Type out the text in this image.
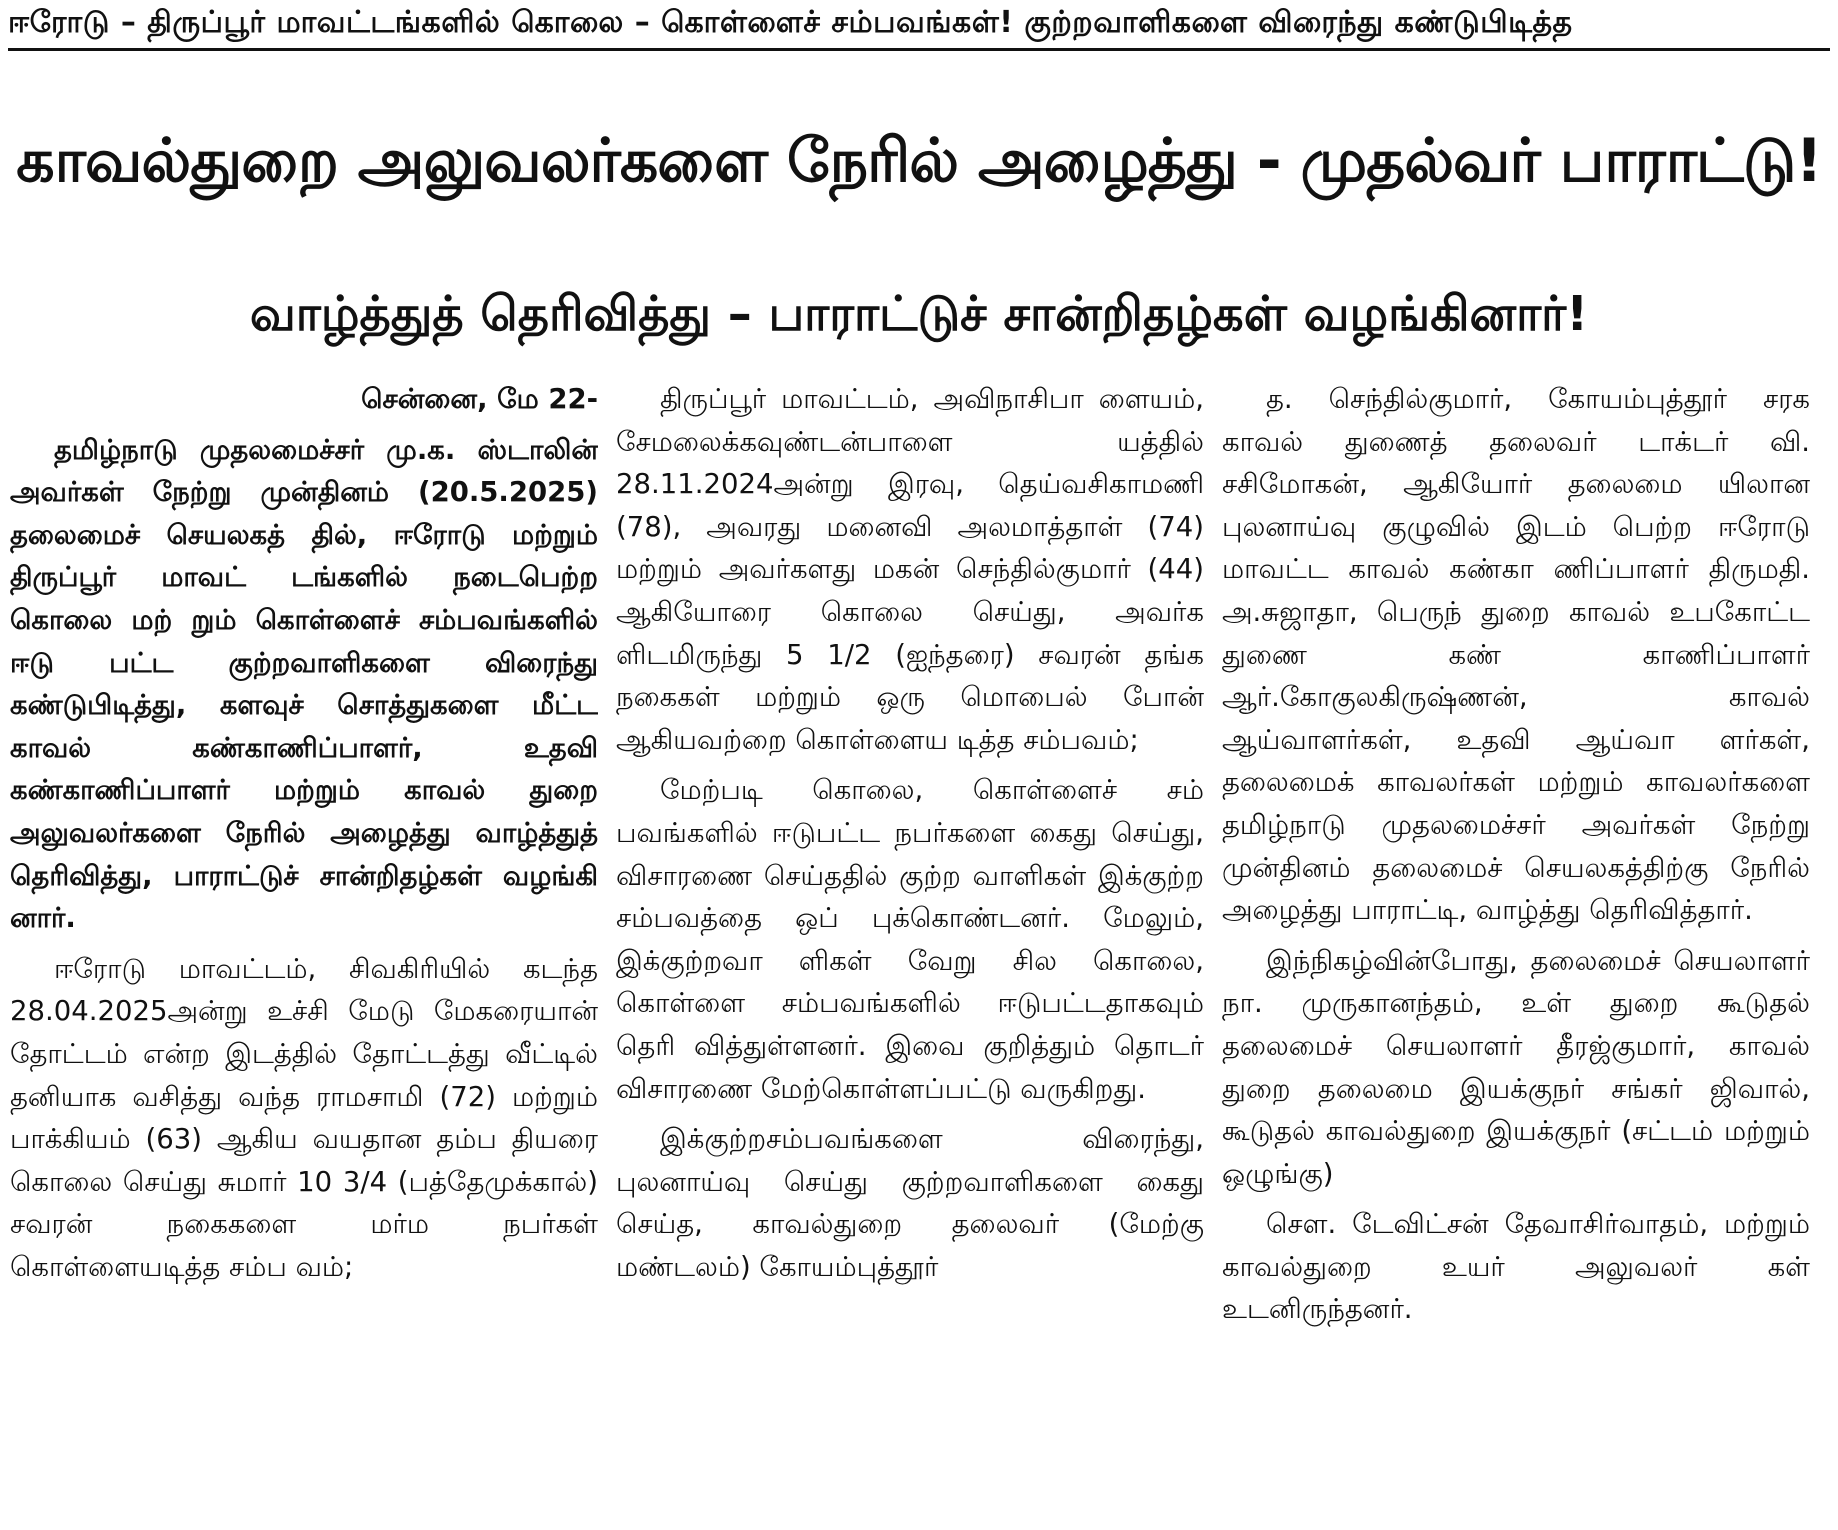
ஈரோடு – திருப்பூர் மாவட்டங்களில் கொலை – கொள்ளைச் சம்பவங்கள்! குற்றவாளிகளை விரைந்து கண்டுபிடித்த
காவல்துறை அலுவலர்களை நேரில் அழைத்து - முதல்வர் பாராட்டு!
வாழ்த்துத் தெரிவித்து – பாராட்டுச் சான்றிதழ்கள் வழங்கினார்!

சென்னை, மே 22-

தமிழ்நாடு முதலமைச்சர் மு.க. ஸ்டாலின் அவர்கள் நேற்று முன்தினம் (20.5.2025) தலைமைச் செயலகத் தில், ஈரோடு மற்றும் திருப்பூர் மாவட் டங்களில் நடைபெற்ற கொலை மற் றும் கொள்ளைச் சம்பவங்களில் ஈடு பட்ட குற்றவாளிகளை விரைந்து கண்டுபிடித்து, களவுச் சொத்துகளை மீட்ட காவல் கண்காணிப்பாளர், உதவி கண்காணிப்பாளர் மற்றும் காவல் துறை அலுவலர்களை நேரில் அழைத்து வாழ்த்துத் தெரிவித்து, பாராட்டுச் சான்றிதழ்கள் வழங்கி னார்.

ஈரோடு மாவட்டம், சிவகிரியில் கடந்த 28.04.2025அன்று உச்சி மேடு மேகரையான் தோட்டம் என்ற இடத்தில் தோட்டத்து வீட்டில் தனியாக வசித்து வந்த ராமசாமி (72) மற்றும் பாக்கியம் (63) ஆகிய வயதான தம்ப தியரை கொலை செய்து சுமார் 10 3/4 (பத்தேமுக்கால்) சவரன் நகைகளை மர்ம நபர்கள் கொள்ளையடித்த சம்ப வம்;

திருப்பூர் மாவட்டம், அவிநாசிபா ளையம், சேமலைக்கவுண்டன்பாளை யத்தில் 28.11.2024அன்று இரவு, தெய்வசிகாமணி (78), அவரது மனைவி அலமாத்தாள் (74) மற்றும் அவர்களது மகன் செந்தில்குமார் (44) ஆகியோரை கொலை செய்து, அவர்க ளிடமிருந்து 5 1/2 (ஐந்தரை) சவரன் தங்க நகைகள் மற்றும் ஒரு மொபைல் போன் ஆகியவற்றை கொள்ளைய டித்த சம்பவம்;

மேற்படி கொலை, கொள்ளைச் சம் பவங்களில் ஈடுபட்ட நபர்களை கைது செய்து, விசாரணை செய்ததில் குற்ற வாளிகள் இக்குற்ற சம்பவத்தை ஒப் புக்கொண்டனர். மேலும், இக்குற்றவா ளிகள் வேறு சில கொலை, கொள்ளை சம்பவங்களில் ஈடுபட்டதாகவும் தெரி வித்துள்ளனர். இவை குறித்தும் தொடர் விசாரணை மேற்கொள்ளப்பட்டு வருகிறது.

இக்குற்றசம்பவங்களை விரைந்து, புலனாய்வு செய்து குற்றவாளிகளை கைது செய்த, காவல்துறை தலைவர் (மேற்கு மண்டலம்) கோயம்புத்தூர்

த. செந்தில்குமார், கோயம்புத்தூர் சரக காவல் துணைத் தலைவர் டாக்டர் வி. சசிமோகன், ஆகியோர் தலைமை யிலான புலனாய்வு குழுவில் இடம் பெற்ற ஈரோடு மாவட்ட காவல் கண்கா ணிப்பாளர் திருமதி. அ.சுஜாதா, பெருந் துறை காவல் உபகோட்ட துணை கண் காணிப்பாளர் ஆர்.கோகுலகிருஷ்ணன், காவல் ஆய்வாளர்கள், உதவி ஆய்வா ளர்கள், தலைமைக் காவலர்கள் மற்றும் காவலர்களை தமிழ்நாடு முதலமைச்சர் அவர்கள் நேற்று முன்தினம் தலைமைச் செயலகத்திற்கு நேரில் அழைத்து பாராட்டி, வாழ்த்து தெரிவித்தார்.

இந்நிகழ்வின்போது, தலைமைச் செயலாளர் நா. முருகானந்தம், உள் துறை கூடுதல் தலைமைச் செயலாளர் தீரஜ்குமார், காவல் துறை தலைமை இயக்குநர் சங்கர் ஜிவால், கூடுதல் காவல்துறை இயக்குநர் (சட்டம் மற்றும் ஒழுங்கு)

செள. டேவிட்சன் தேவாசிர்வாதம், மற்றும் காவல்துறை உயர் அலுவலர் கள் உடனிருந்தனர்.
